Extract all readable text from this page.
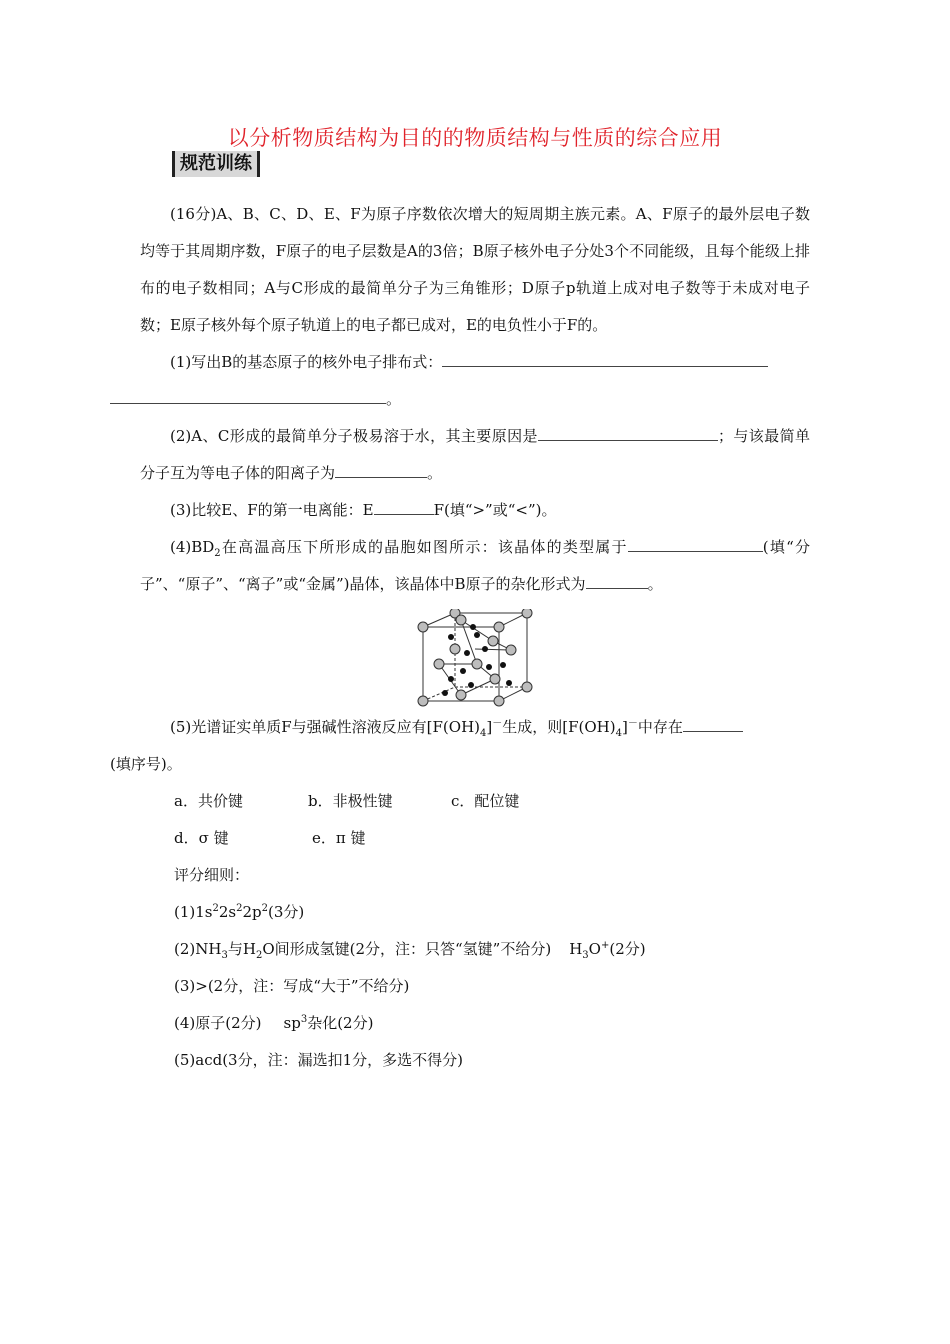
以分析物质结构为目的的物质结构与性质的综合应用
规范训练

(16分)A、B、C、D、E、F为原子序数依次增大的短周期主族元素。A、F原子的最外层电子数均等于其周期序数，F原子的电子层数是A的3倍；B原子核外电子分处3个不同能级，且每个能级上排布的电子数相同；A与C形成的最简单分子为三角锥形；D原子p轨道上成对电子数等于未成对电子数；E原子核外每个原子轨道上的电子都已成对，E的电负性小于F的。

(1)写出B的基态原子的核外电子排布式：
。

(2)A、C形成的最简单分子极易溶于水，其主要原因是	；与该最简单分子互为等电子体的阳离子为	。

(3)比较E、F的第一电离能：E	F(填“>”或“<”)。

$(4)BD_2$在高温高压下所形成的晶胞如图所示：该晶体的类型属于	(填“分子”、“原子”、“离子”或“金属”)晶体，该晶体中B原子的杂化形式为	。

(5)光谱证实单质F与强碱性溶液反应有$[F(OH)_4]^-$生成，则$[F(OH)_4]^-$中存在
(填序号)。

a．共价键	b．非极性键	c．配位键

d．σ 键	e．π 键

评分细则：

$(1)1s^22s^22p^2(3$分)

$(2)NH_3$与$H_2O$间形成氢键(2分，注：只答“氢键”不给分) $H_3O^+(2$分)

(3)>(2分，注：写成“大于”不给分)

(4)原子(2分) $sp^3$杂化(2分)

(5)acd(3分，注：漏选扣1分，多选不得分)
